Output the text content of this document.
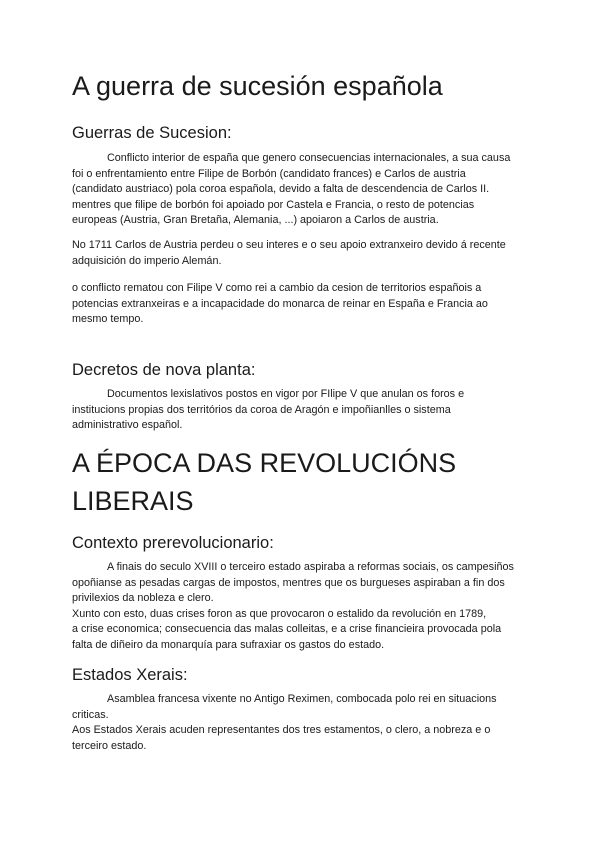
A guerra de sucesión española
Guerras de Sucesion:
Conflicto interior de españa que genero consecuencias internacionales, a sua causa
foi o enfrentamiento entre Filipe de Borbón (candidato frances) e Carlos de austria
(candidato austriaco) pola coroa española, devido a falta de descendencia de Carlos II.
mentres que filipe de borbón foi apoiado por Castela e Francia, o resto de potencias
europeas (Austria, Gran Bretaña, Alemania, ...) apoiaron a Carlos de austria.
No 1711 Carlos de Austria perdeu o seu interes e o seu apoio extranxeiro devido á recente
adquisición do imperio Alemán.
o conflicto rematou con Filipe V como rei a cambio da cesion de territorios españois a
potencias extranxeiras e a incapacidade do monarca de reinar en España e Francia ao
mesmo tempo.
Decretos de nova planta:
Documentos lexislativos postos en vigor por FIlipe V que anulan os foros e
institucions propias dos territórios da coroa de Aragón e impoñianlles o sistema
administrativo español.
A ÉPOCA DAS REVOLUCIÓNS
LIBERAIS
Contexto prerevolucionario:
A finais do seculo XVIII o terceiro estado aspiraba a reformas sociais, os campesiños
opoñianse as pesadas cargas de impostos, mentres que os burgueses aspiraban a fin dos
privilexios da nobleza e clero.
Xunto con esto, duas crises foron as que provocaron o estalido da revolución en 1789,
a crise economica; consecuencia das malas colleitas, e a crise financieira provocada pola
falta de diñeiro da monarquía para sufraxiar os gastos do estado.
Estados Xerais:
Asamblea francesa vixente no Antigo Reximen, combocada polo rei en situacions
criticas.
Aos Estados Xerais acuden representantes dos tres estamentos, o clero, a nobreza e o
terceiro estado.
